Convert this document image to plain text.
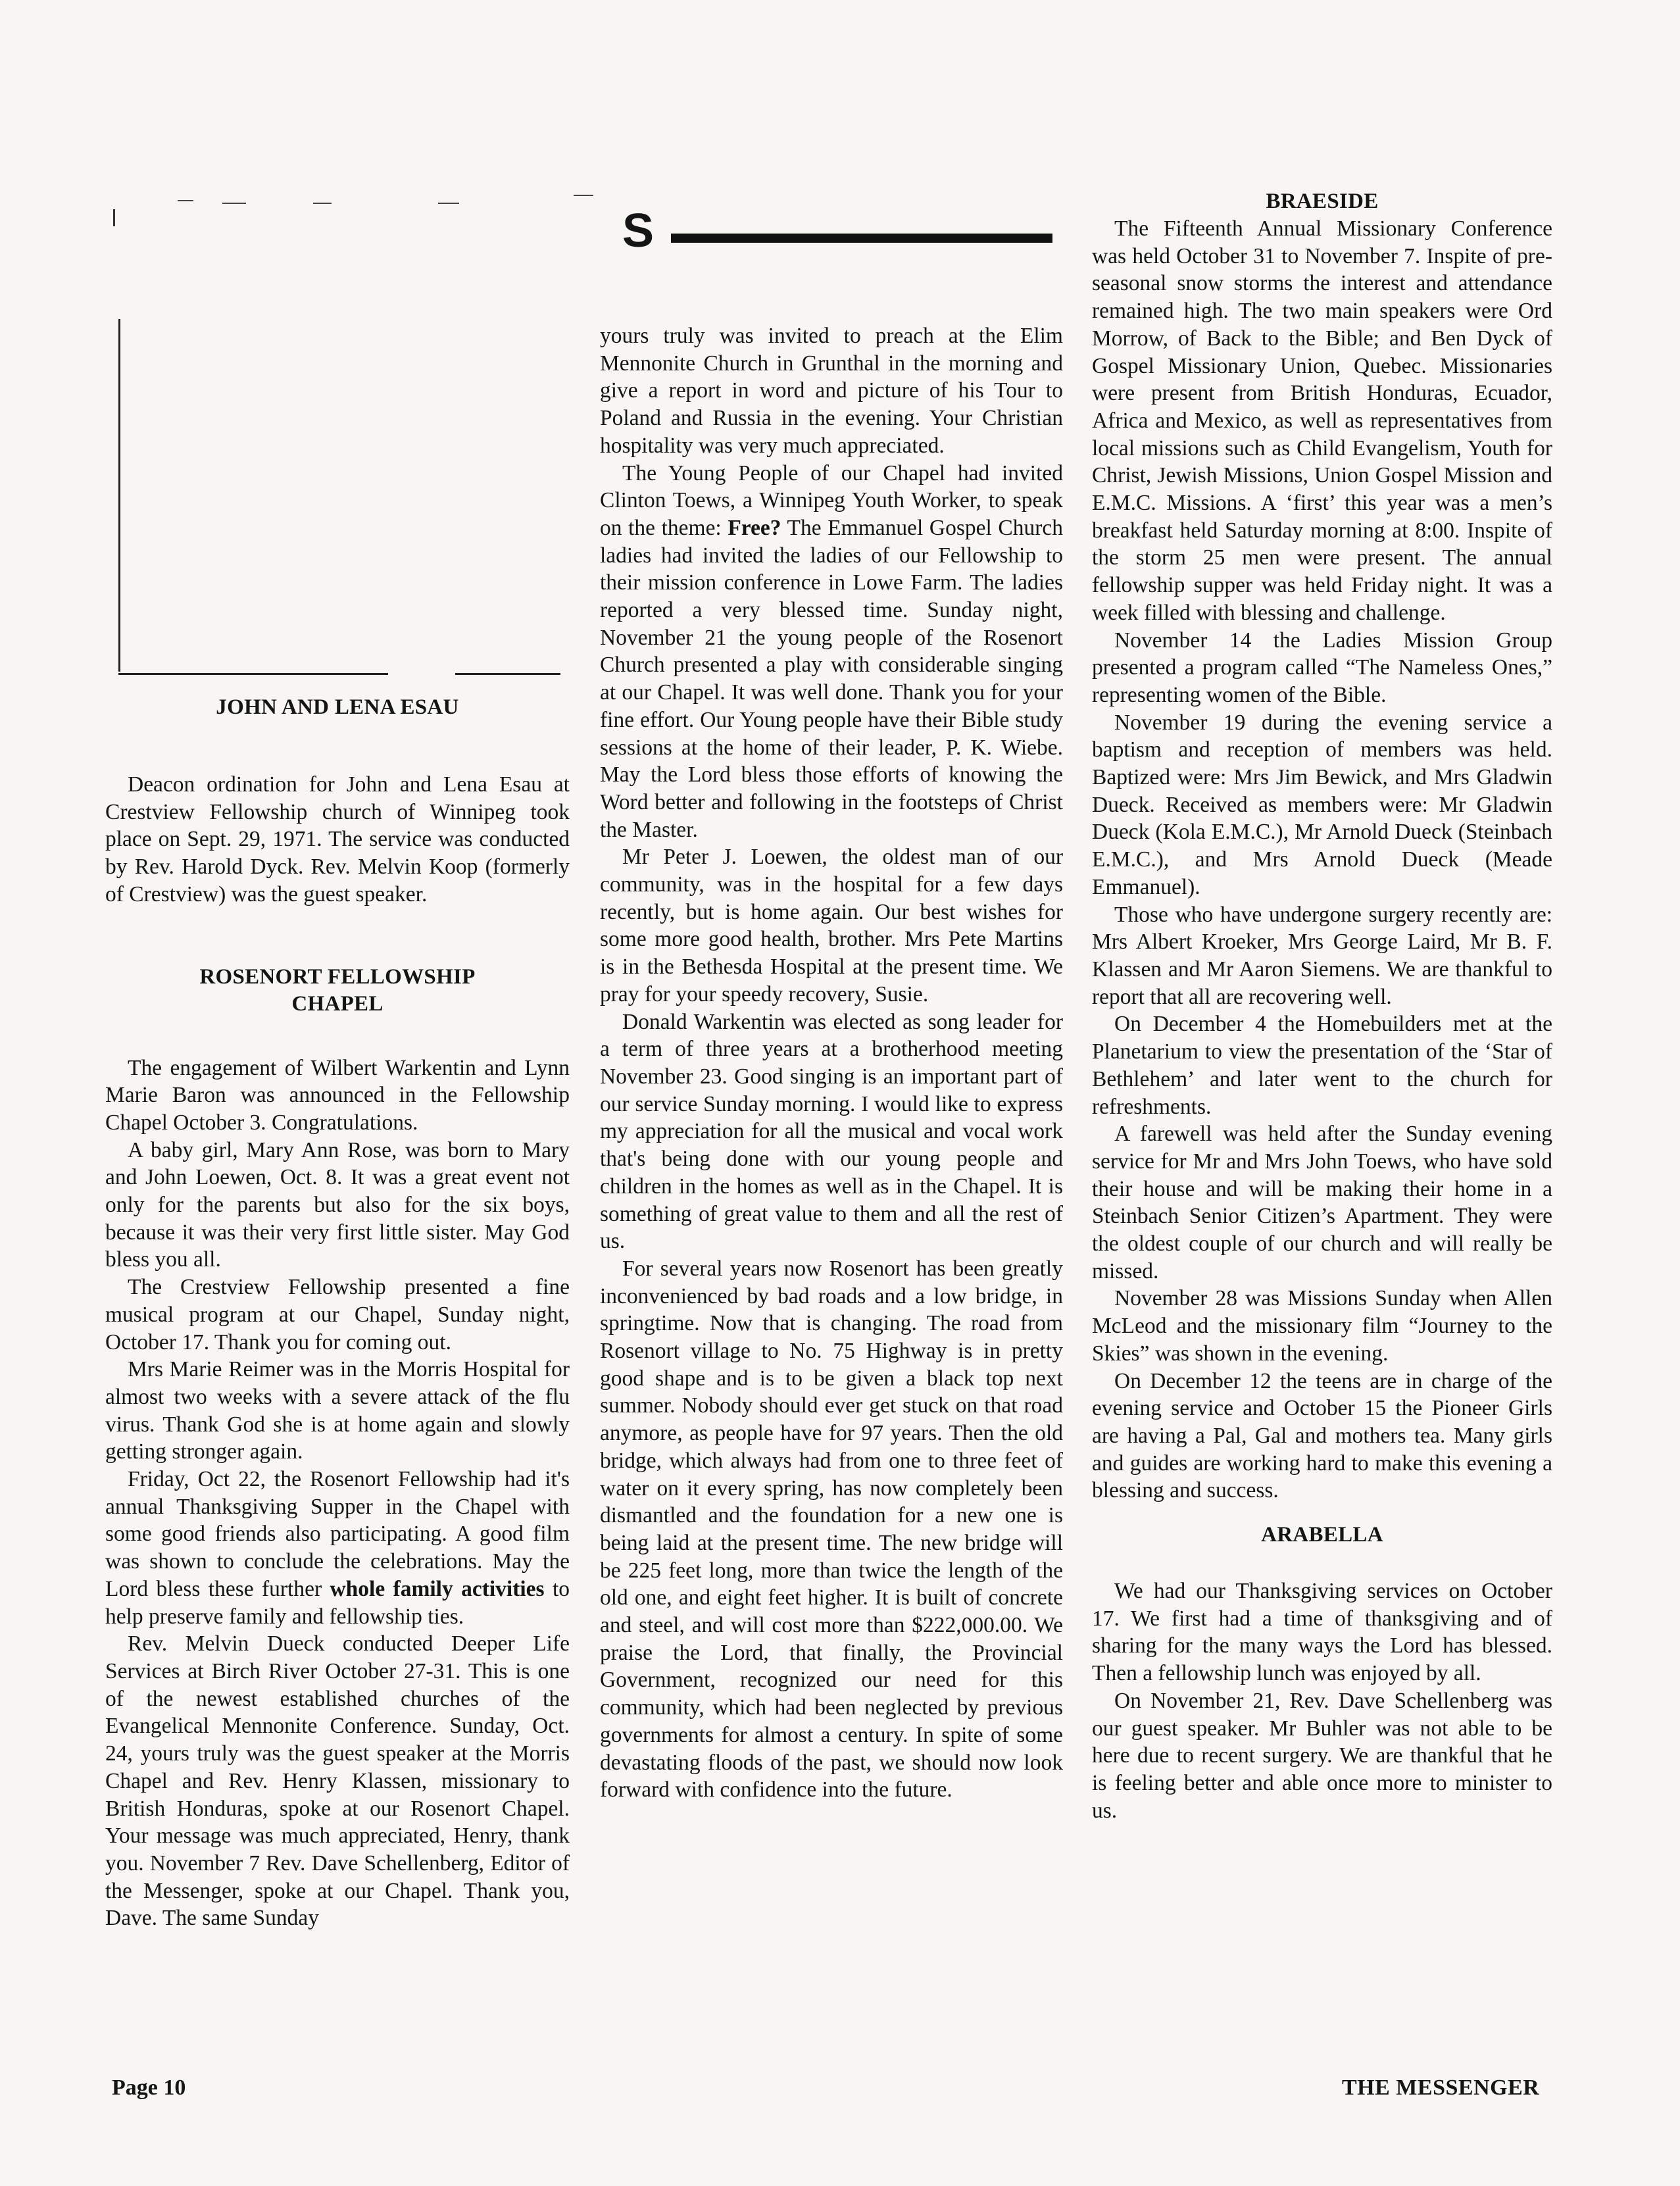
S
JOHN AND LENA ESAU

Deacon ordination for John and Lena Esau at Crestview Fellowship church of Winnipeg took place on Sept. 29, 1971. The service was conducted by Rev. Harold Dyck. Rev. Melvin Koop (formerly of Crestview) was the guest speaker.

ROSENORT FELLOWSHIP
CHAPEL

The engagement of Wilbert Warkentin and Lynn Marie Baron was announced in the Fellowship Chapel October 3. Congratulations.

A baby girl, Mary Ann Rose, was born to Mary and John Loewen, Oct. 8. It was a great event not only for the parents but also for the six boys, because it was their very first little sister. May God bless you all.

The Crestview Fellowship presented a fine musical program at our Chapel, Sunday night, October 17. Thank you for coming out.

Mrs Marie Reimer was in the Morris Hospital for almost two weeks with a severe attack of the flu virus. Thank God she is at home again and slowly getting stronger again.

Friday, Oct 22, the Rosenort Fellowship had it's annual Thanksgiving Supper in the Chapel with some good friends also participating. A good film was shown to conclude the celebrations. May the Lord bless these further whole family activities to help preserve family and fellowship ties.

Rev. Melvin Dueck conducted Deeper Life Services at Birch River October 27-31. This is one of the newest established churches of the Evangelical Mennonite Conference. Sunday, Oct. 24, yours truly was the guest speaker at the Morris Chapel and Rev. Henry Klassen, missionary to British Honduras, spoke at our Rosenort Chapel. Your message was much appreciated, Henry, thank you. November 7 Rev. Dave Schellenberg, Editor of the Messenger, spoke at our Chapel. Thank you, Dave. The same Sunday

yours truly was invited to preach at the Elim Mennonite Church in Grunthal in the morning and give a report in word and picture of his Tour to Poland and Russia in the evening. Your Christian hospitality was very much appreciated.

The Young People of our Chapel had invited Clinton Toews, a Winnipeg Youth Worker, to speak on the theme: Free? The Emmanuel Gospel Church ladies had invited the ladies of our Fellowship to their mission conference in Lowe Farm. The ladies reported a very blessed time. Sunday night, November 21 the young people of the Rosenort Church presented a play with considerable singing at our Chapel. It was well done. Thank you for your fine effort. Our Young people have their Bible study sessions at the home of their leader, P. K. Wiebe. May the Lord bless those efforts of knowing the Word better and following in the footsteps of Christ the Master.

Mr Peter J. Loewen, the oldest man of our community, was in the hospital for a few days recently, but is home again. Our best wishes for some more good health, brother. Mrs Pete Martins is in the Bethesda Hospital at the present time. We pray for your speedy recovery, Susie.

Donald Warkentin was elected as song leader for a term of three years at a brotherhood meeting November 23. Good singing is an important part of our service Sunday morning. I would like to express my appreciation for all the musical and vocal work that's being done with our young people and children in the homes as well as in the Chapel. It is something of great value to them and all the rest of us.

For several years now Rosenort has been greatly inconvenienced by bad roads and a low bridge, in springtime. Now that is changing. The road from Rosenort village to No. 75 Highway is in pretty good shape and is to be given a black top next summer. Nobody should ever get stuck on that road anymore, as people have for 97 years. Then the old bridge, which always had from one to three feet of water on it every spring, has now completely been dismantled and the foundation for a new one is being laid at the present time. The new bridge will be 225 feet long, more than twice the length of the old one, and eight feet higher. It is built of concrete and steel, and will cost more than $222,000.00. We praise the Lord, that finally, the Provincial Government, recognized our need for this community, which had been neglected by previous governments for almost a century. In spite of some devastating floods of the past, we should now look forward with confidence into the future.

BRAESIDE

The Fifteenth Annual Missionary Conference was held October 31 to November 7. Inspite of pre-seasonal snow storms the interest and attendance remained high. The two main speakers were Ord Morrow, of Back to the Bible; and Ben Dyck of Gospel Missionary Union, Quebec. Missionaries were present from British Honduras, Ecuador, Africa and Mexico, as well as representatives from local missions such as Child Evangelism, Youth for Christ, Jewish Missions, Union Gospel Mission and E.M.C. Missions. A ‘first’ this year was a men’s breakfast held Saturday morning at 8:00. Inspite of the storm 25 men were present. The annual fellowship supper was held Friday night. It was a week filled with blessing and challenge.

November 14 the Ladies Mission Group presented a program called “The Nameless Ones,” representing women of the Bible.

November 19 during the evening service a baptism and reception of members was held. Baptized were: Mrs Jim Bewick, and Mrs Gladwin Dueck. Received as members were: Mr Gladwin Dueck (Kola E.M.C.), Mr Arnold Dueck (Steinbach E.M.C.), and Mrs Arnold Dueck (Meade Emmanuel).

Those who have undergone surgery recently are: Mrs Albert Kroeker, Mrs George Laird, Mr B. F. Klassen and Mr Aaron Siemens. We are thankful to report that all are recovering well.

On December 4 the Homebuilders met at the Planetarium to view the presentation of the ‘Star of Bethlehem’ and later went to the church for refreshments.

A farewell was held after the Sunday evening service for Mr and Mrs John Toews, who have sold their house and will be making their home in a Steinbach Senior Citizen’s Apartment. They were the oldest couple of our church and will really be missed.

November 28 was Missions Sunday when Allen McLeod and the missionary film “Journey to the Skies” was shown in the evening.

On December 12 the teens are in charge of the evening service and October 15 the Pioneer Girls are having a Pal, Gal and mothers tea. Many girls and guides are working hard to make this evening a blessing and success.

ARABELLA

We had our Thanksgiving services on October 17. We first had a time of thanksgiving and of sharing for the many ways the Lord has blessed. Then a fellowship lunch was enjoyed by all.

On November 21, Rev. Dave Schellenberg was our guest speaker. Mr Buhler was not able to be here due to recent surgery. We are thankful that he is feeling better and able once more to minister to us.

Page 10	THE MESSENGER
